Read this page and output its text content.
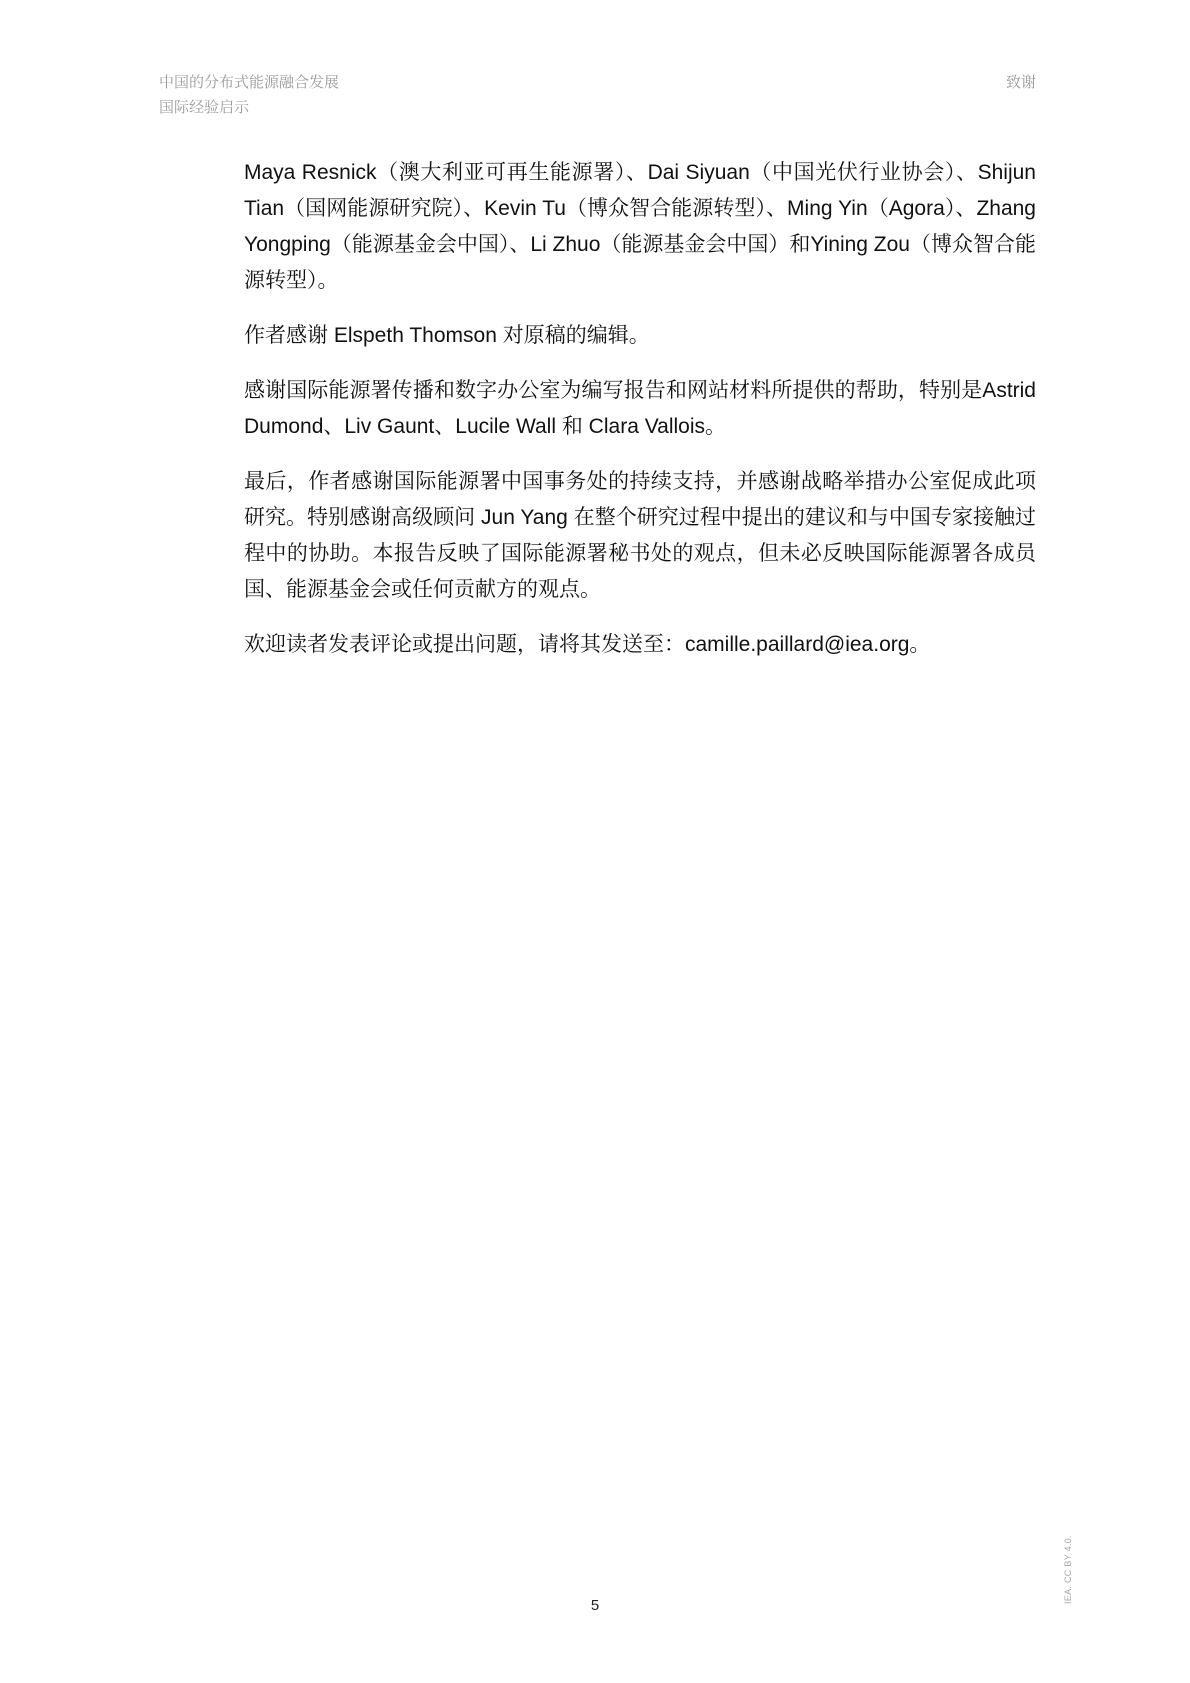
中国的分布式能源融合发展
国际经验启示
致谢

Maya Resnick（澳大利亚可再生能源署）、Dai Siyuan（中国光伏行业协会）、Shijun Tian（国网能源研究院）、Kevin Tu（博众智合能源转型）、Ming Yin（Agora）、Zhang Yongping（能源基金会中国）、Li Zhuo（能源基金会中国）和Yining Zou（博众智合能源转型）。

作者感谢 Elspeth Thomson 对原稿的编辑。

感谢国际能源署传播和数字办公室为编写报告和网站材料所提供的帮助，特别是Astrid Dumond、Liv Gaunt、Lucile Wall 和 Clara Vallois。

最后，作者感谢国际能源署中国事务处的持续支持，并感谢战略举措办公室促成此项研究。特别感谢高级顾问 Jun Yang 在整个研究过程中提出的建议和与中国专家接触过程中的协助。本报告反映了国际能源署秘书处的观点，但未必反映国际能源署各成员国、能源基金会或任何贡献方的观点。

欢迎读者发表评论或提出问题，请将其发送至：camille.paillard@iea.org。

5
IEA. CC BY 4.0.
